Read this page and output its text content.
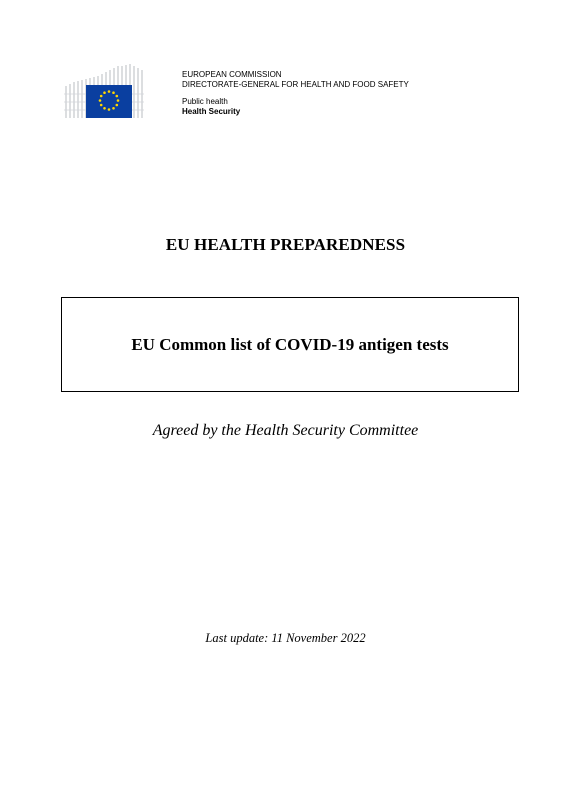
EUROPEAN COMMISSION
DIRECTORATE-GENERAL FOR HEALTH AND FOOD SAFETY
Public health
Health Security
EU HEALTH PREPAREDNESS
EU Common list of COVID-19 antigen tests
Agreed by the Health Security Committee
Last update: 11 November 2022
